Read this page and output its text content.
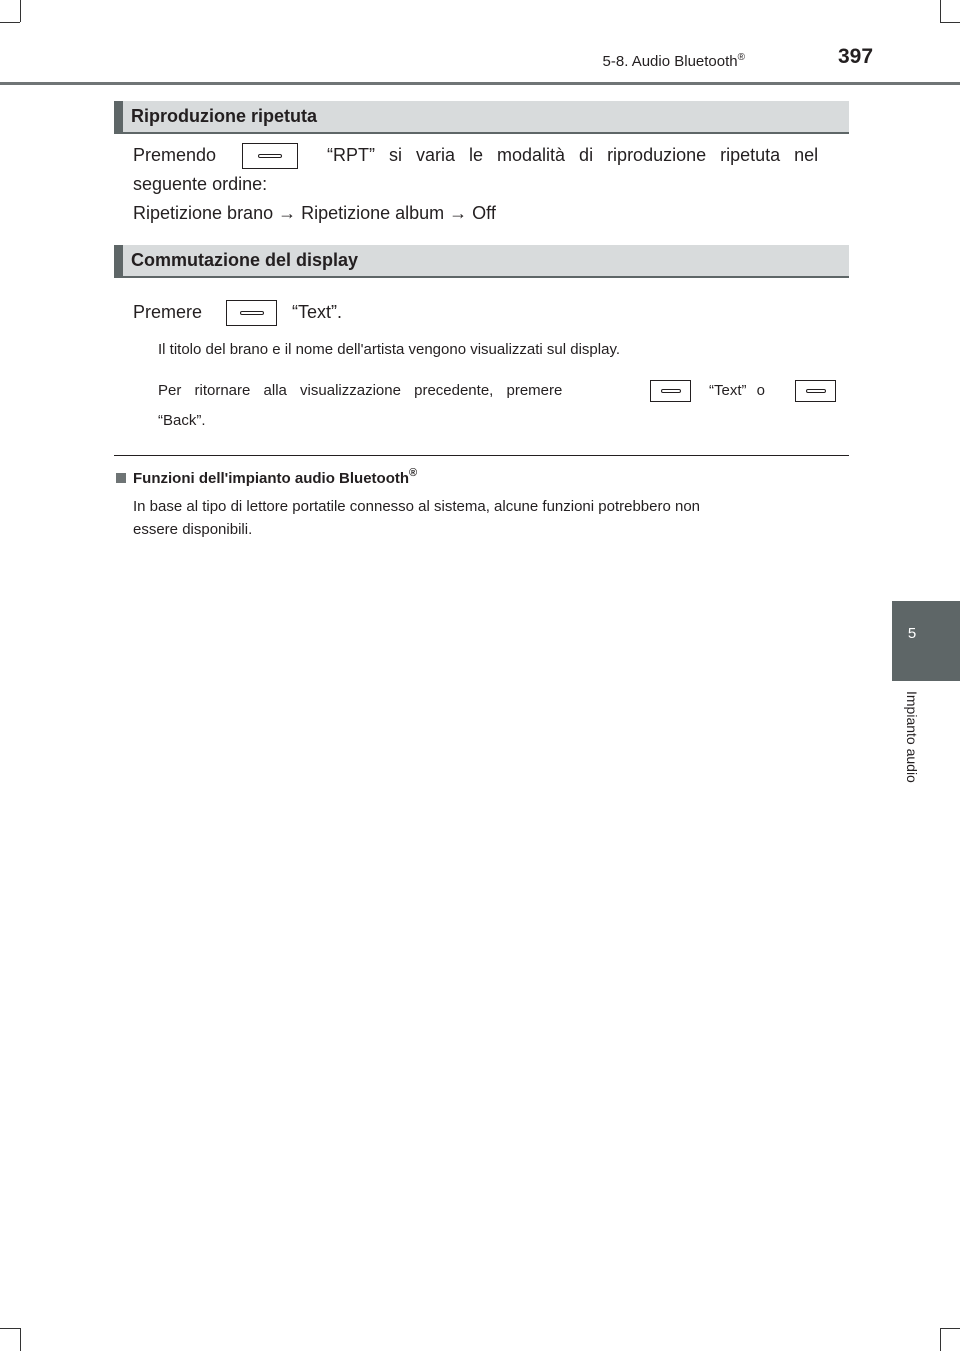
5-8. Audio Bluetooth®	397
Riproduzione ripetuta
Premendo	“RPT” si varia le modalità di riproduzione ripetuta nel
seguente ordine:
Ripetizione brano → Ripetizione album → Off
Commutazione del display
Premere	“Text”.
Il titolo del brano e il nome dell'artista vengono visualizzati sul display.
Per ritornare alla visualizzazione precedente, premere	“Text” o
“Back”.
Funzioni dell'impianto audio Bluetooth®
In base al tipo di lettore portatile connesso al sistema, alcune funzioni potrebbero non
essere disponibili.
5
Impianto audio
